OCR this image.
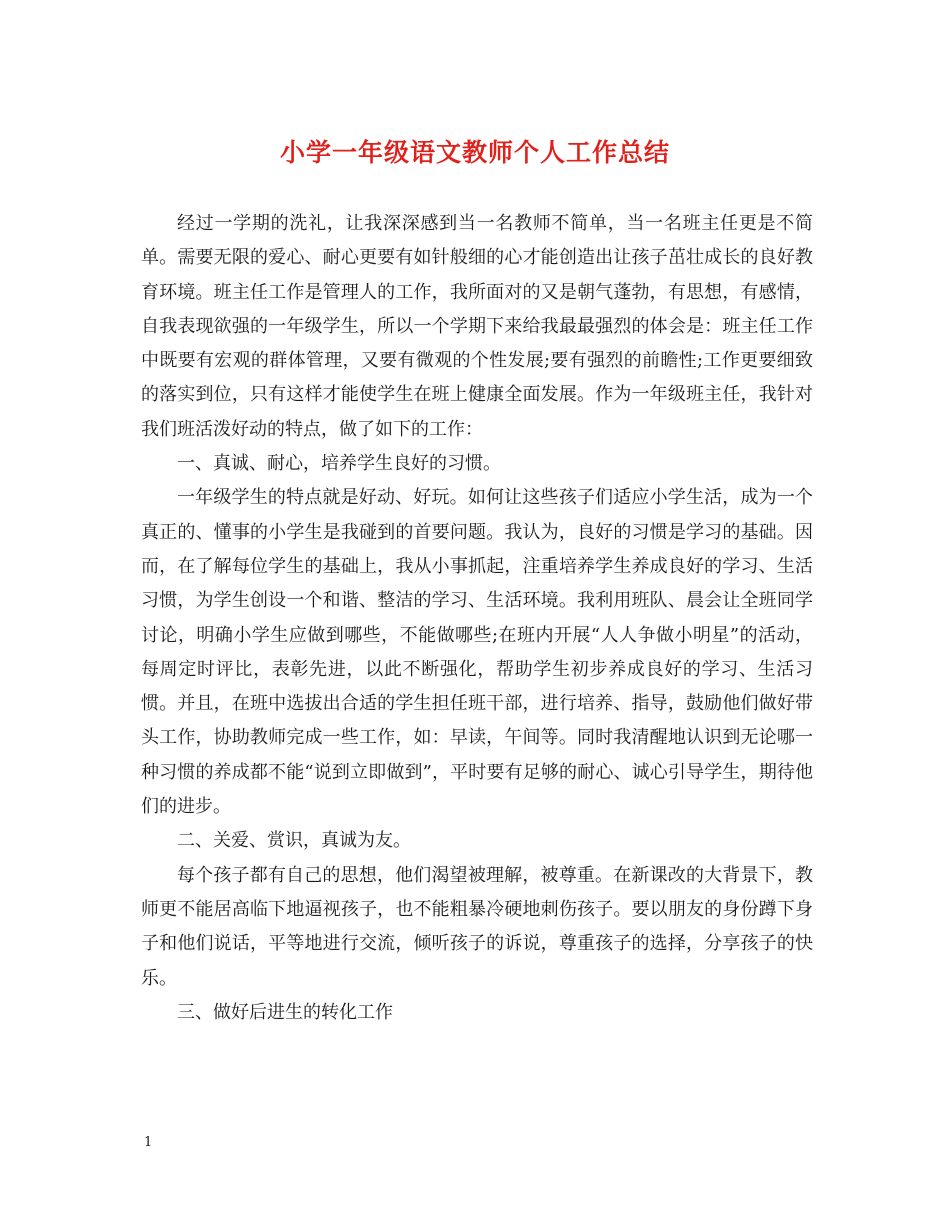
小学一年级语文教师个人工作总结

经过一学期的洗礼，让我深深感到当一名教师不简单，当一名班主任更是不简单。需要无限的爱心、耐心更要有如针般细的心才能创造出让孩子茁壮成长的良好教育环境。班主任工作是管理人的工作，我所面对的又是朝气蓬勃，有思想，有感情，自我表现欲强的一年级学生，所以一个学期下来给我最最强烈的体会是：班主任工作中既要有宏观的群体管理，又要有微观的个性发展;要有强烈的前瞻性;工作更要细致的落实到位，只有这样才能使学生在班上健康全面发展。作为一年级班主任，我针对我们班活泼好动的特点，做了如下的工作：

一、真诚、耐心，培养学生良好的习惯。

一年级学生的特点就是好动、好玩。如何让这些孩子们适应小学生活，成为一个真正的、懂事的小学生是我碰到的首要问题。我认为，良好的习惯是学习的基础。因而，在了解每位学生的基础上，我从小事抓起，注重培养学生养成良好的学习、生活习惯，为学生创设一个和谐、整洁的学习、生活环境。我利用班队、晨会让全班同学讨论，明确小学生应做到哪些，不能做哪些;在班内开展“人人争做小明星”的活动，每周定时评比，表彰先进，以此不断强化，帮助学生初步养成良好的学习、生活习惯。并且，在班中选拔出合适的学生担任班干部，进行培养、指导，鼓励他们做好带头工作，协助教师完成一些工作，如：早读，午间等。同时我清醒地认识到无论哪一种习惯的养成都不能“说到立即做到”，平时要有足够的耐心、诚心引导学生，期待他们的进步。

二、关爱、赏识，真诚为友。

每个孩子都有自己的思想，他们渴望被理解，被尊重。在新课改的大背景下，教师更不能居高临下地逼视孩子，也不能粗暴冷硬地刺伤孩子。要以朋友的身份蹲下身子和他们说话，平等地进行交流，倾听孩子的诉说，尊重孩子的选择，分享孩子的快乐。

三、做好后进生的转化工作

1
